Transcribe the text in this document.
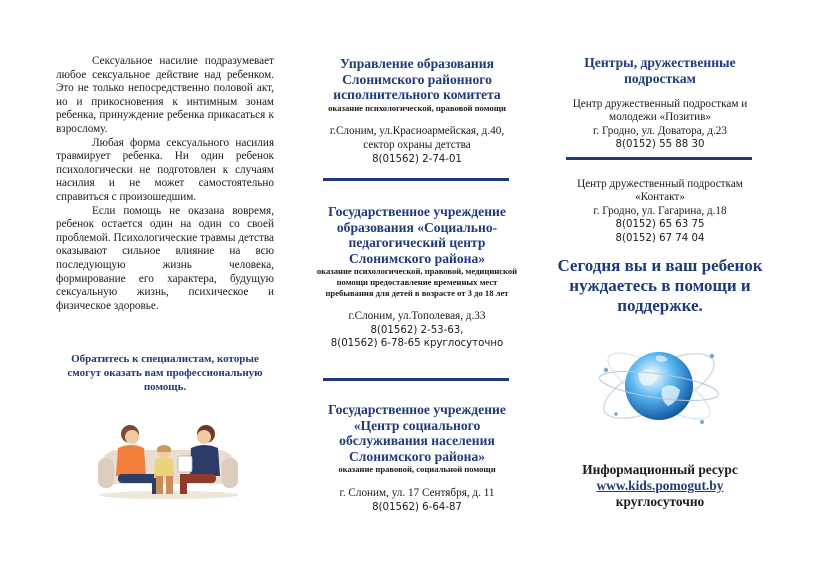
Сексуальное насилие подразумевает любое сексуальное действие над ребенком. Это не только непосредственно половой акт, но и прикосновения к интимным зонам ребенка, принуждение ребенка прикасаться к взрослому.

Любая форма сексуального насилия травмирует ребенка. Ни один ребенок психологически не подготовлен к случаям насилия и не может самостоятельно справиться с произошедшим.

Если помощь не оказана вовремя, ребенок остается один на один со своей проблемой. Психологические травмы детства оказывают сильное влияние на всю последующую жизнь человека, формирование его характера, будущую сексуальную жизнь, психическое и физическое здоровье.

Обратитесь к специалистам, которые смогут оказать вам профессиональную помощь.
Управление образования Слонимского районного исполнительного комитета
оказание психологической, правовой помощи
г.Слоним, ул.Красноармейская, д.40, сектор охраны детства
8(01562) 2-74-01
Государственное учреждение образования «Социально-педагогический центр Слонимского района»
оказание психологической, правовой, медицинской помощи предоставление временных мест пребывания для детей в возрасте от 3 до 18 лет
г.Слоним, ул.Тополевая, д.33
8(01562) 2-53-63,
8(01562) 6-78-65 круглосуточно
Государственное учреждение «Центр социального обслуживания населения Слонимского района»
оказание правовой, социальной помощи
г. Слоним, ул. 17 Сентября, д. 11
8(01562) 6-64-87
Центры, дружественные подросткам
Центр дружественный подросткам и молодежи «Позитив»
г. Гродно, ул. Доватора, д.23
8(0152) 55 88 30
Центр дружественный подросткам «Контакт»
г. Гродно, ул. Гагарина, д.18
8(0152) 65 63 75
8(0152) 67 74 04
Сегодня вы и ваш ребенок нуждаетесь в помощи и поддержке.
Информационный ресурс
www.kids.pomogut.by
круглосуточно
